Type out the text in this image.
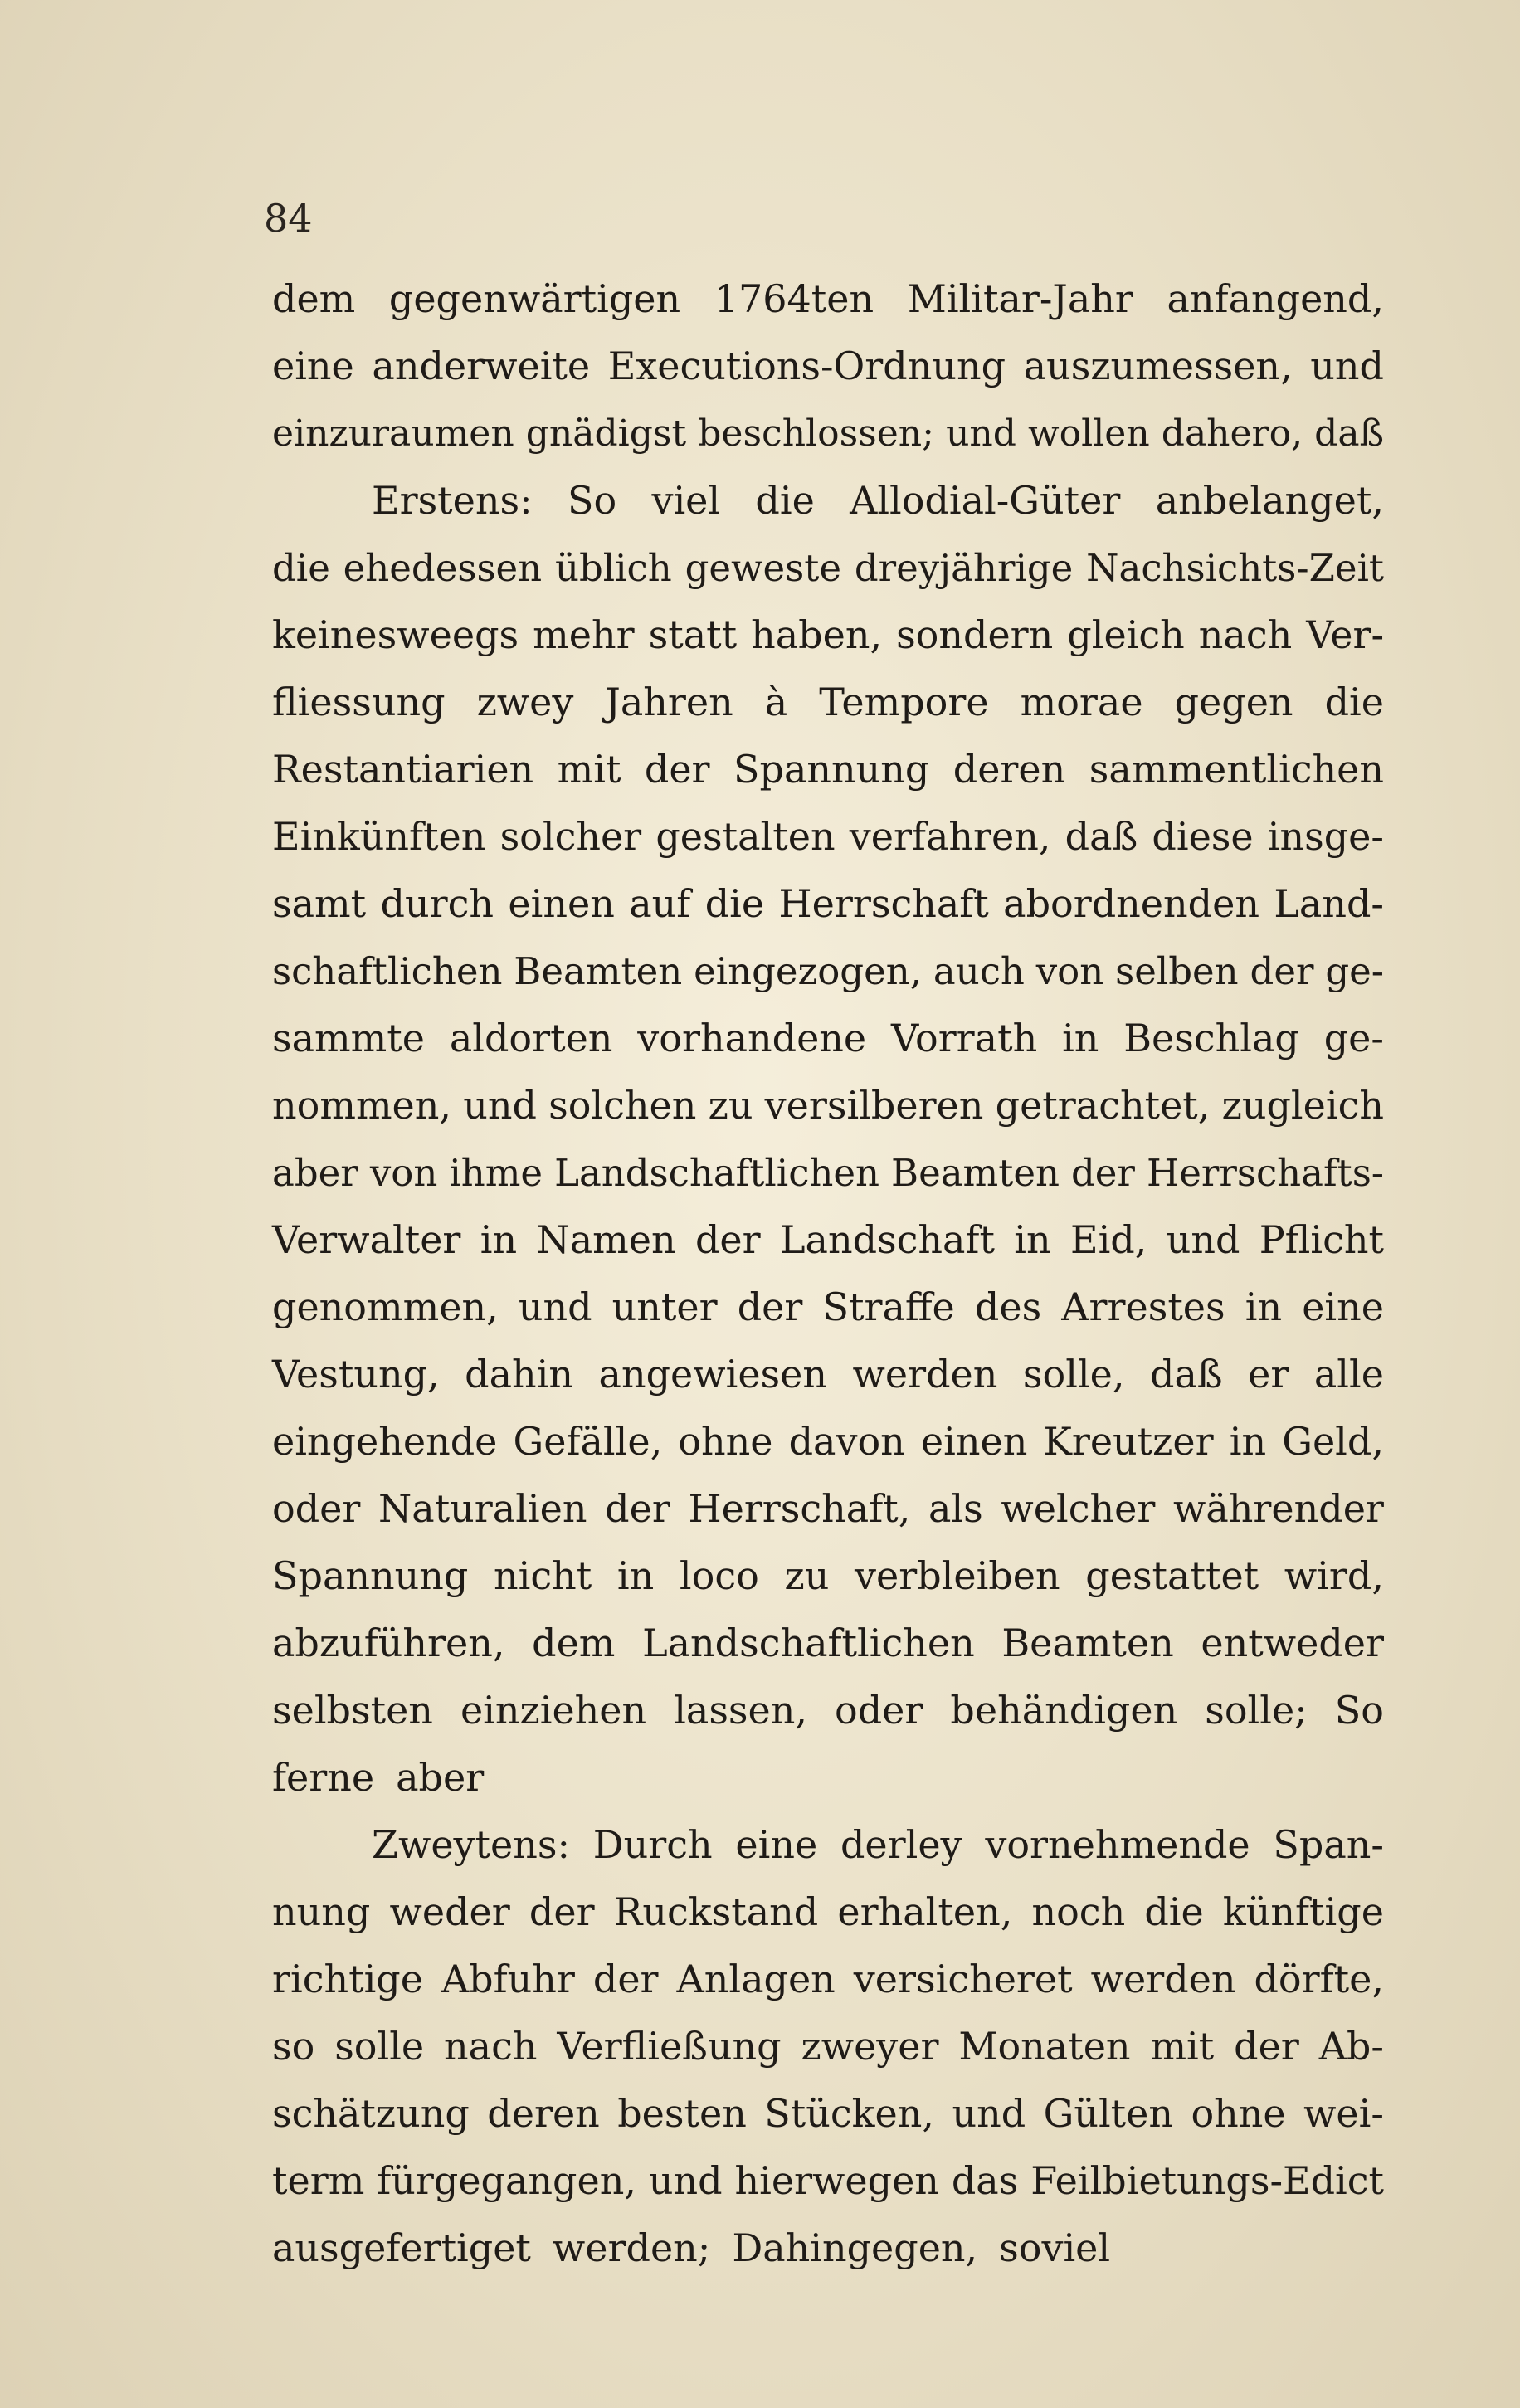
84

dem gegenwärtigen 1764ten Militar-Jahr anfangend,
eine anderweite Executions-Ordnung auszumessen, und
einzuraumen gnädigst beschlossen; und wollen dahero, daß
Erstens: So viel die Allodial-Güter anbelanget,
die ehedessen üblich geweste dreyjährige Nachsichts-Zeit
keinesweegs mehr statt haben, sondern gleich nach Ver-
fliessung zwey Jahren à Tempore morae gegen die
Restantiarien mit der Spannung deren sammentlichen
Einkünften solcher gestalten verfahren, daß diese insge-
samt durch einen auf die Herrschaft abordnenden Land-
schaftlichen Beamten eingezogen, auch von selben der ge-
sammte aldorten vorhandene Vorrath in Beschlag ge-
nommen, und solchen zu versilberen getrachtet, zugleich
aber von ihme Landschaftlichen Beamten der Herrschafts-
Verwalter in Namen der Landschaft in Eid, und Pflicht
genommen, und unter der Straffe des Arrestes in eine
Vestung, dahin angewiesen werden solle, daß er alle
eingehende Gefälle, ohne davon einen Kreutzer in Geld,
oder Naturalien der Herrschaft, als welcher währender
Spannung nicht in loco zu verbleiben gestattet wird,
abzuführen, dem Landschaftlichen Beamten entweder
selbsten einziehen lassen, oder behändigen solle; So
ferne aber
Zweytens: Durch eine derley vornehmende Span-
nung weder der Ruckstand erhalten, noch die künftige
richtige Abfuhr der Anlagen versicheret werden dörfte,
so solle nach Verfließung zweyer Monaten mit der Ab-
schätzung deren besten Stücken, und Gülten ohne wei-
term fürgegangen, und hierwegen das Feilbietungs-Edict
ausgefertiget werden; Dahingegen, soviel
